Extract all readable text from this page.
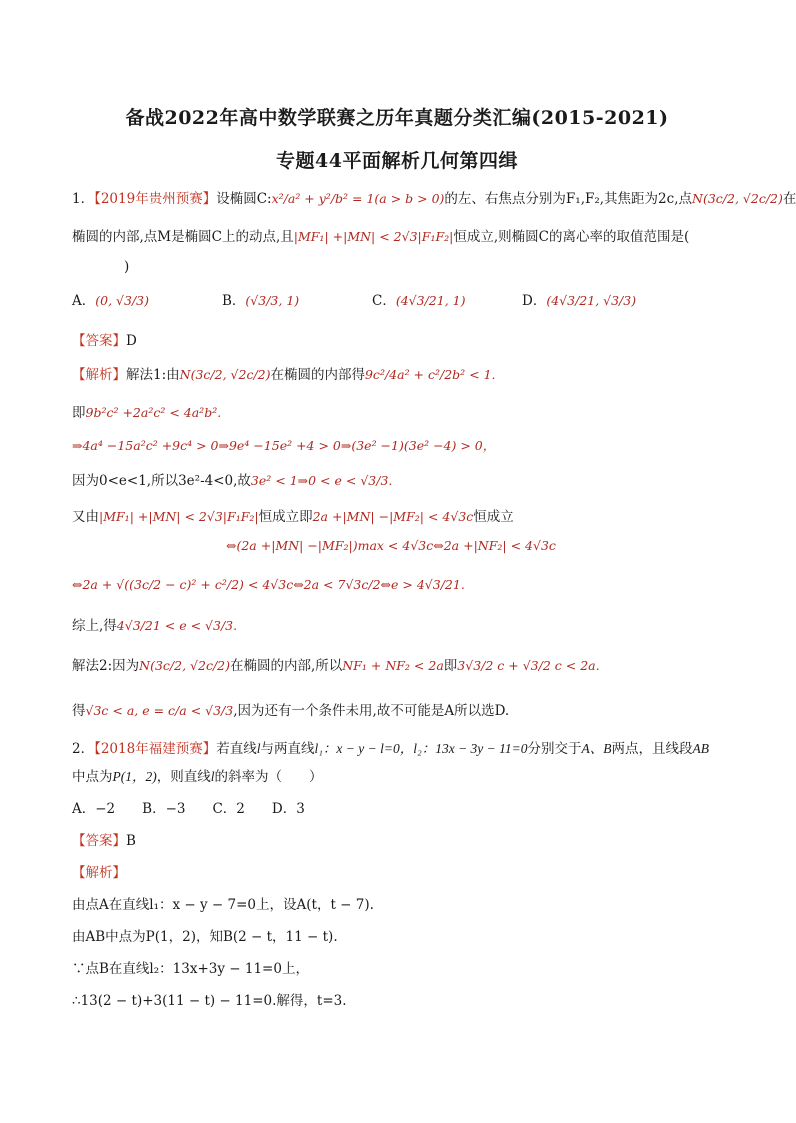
备战2022年高中数学联赛之历年真题分类汇编(2015-2021)
专题44平面解析几何第四缉
1．【2019年贵州预赛】设椭圆C:x²/a² + y²/b² = 1(a > b > 0)的左、右焦点分别为F₁,F₂,其焦距为2c,点N(3c/2, √2c/2)在
椭圆的内部,点M是椭圆C上的动点,且|MF₁| +|MN| < 2√3|F₁F₂|恒成立,则椭圆C的离心率的取值范围是(
)
A．(0, √3/3)	B．(√3/3, 1)	C．(4√3/21, 1)	D．(4√3/21, √3/3)
【答案】D
【解析】解法1:由N(3c/2, √2c/2)在椭圆的内部得9c²/4a² + c²/2b² < 1.
即9b²c² +2a²c² < 4a²b².
⇒4a⁴ −15a²c² +9c⁴ > 0⇒9e⁴ −15e² +4 > 0⇒(3e² −1)(3e² −4) > 0，
因为0<e<1,所以3e²-4<0,故3e² < 1⇒0 < e < √3/3.
又由|MF₁| +|MN| < 2√3|F₁F₂|恒成立即2a +|MN| −|MF₂| < 4√3c恒成立
⇔(2a +|MN| −|MF₂|)max < 4√3c⇔2a +|NF₂| < 4√3c
⇔2a + √((3c/2 − c)² + c²/2) < 4√3c⇔2a < 7√3c/2⇔e > 4√3/21.
综上,得4√3/21 < e < √3/3.
解法2:因为N(3c/2, √2c/2)在椭圆的内部,所以NF₁ + NF₂ < 2a即3√3/2 c + √3/2 c < 2a.
得√3c < a, e = c/a < √3/3,因为还有一个条件未用,故不可能是A所以选D.
2．【2018年福建预赛】若直线l与两直线l₁：x − y − l=0，l₂：13x − 3y − 11=0分别交于A、B两点，且线段AB
中点为P(1，2)，则直线l的斜率为（　　）
A．−2　　B．−3　　C．2　　D．3
【答案】B
【解析】
由点A在直线l₁：x − y − 7=0上，设A(t，t − 7).
由AB中点为P(1，2)，知B(2 − t，11 − t).
∵点B在直线l₂：13x+3y − 11=0上，
∴13(2 − t)+3(11 − t) − 11=0.解得，t=3.
